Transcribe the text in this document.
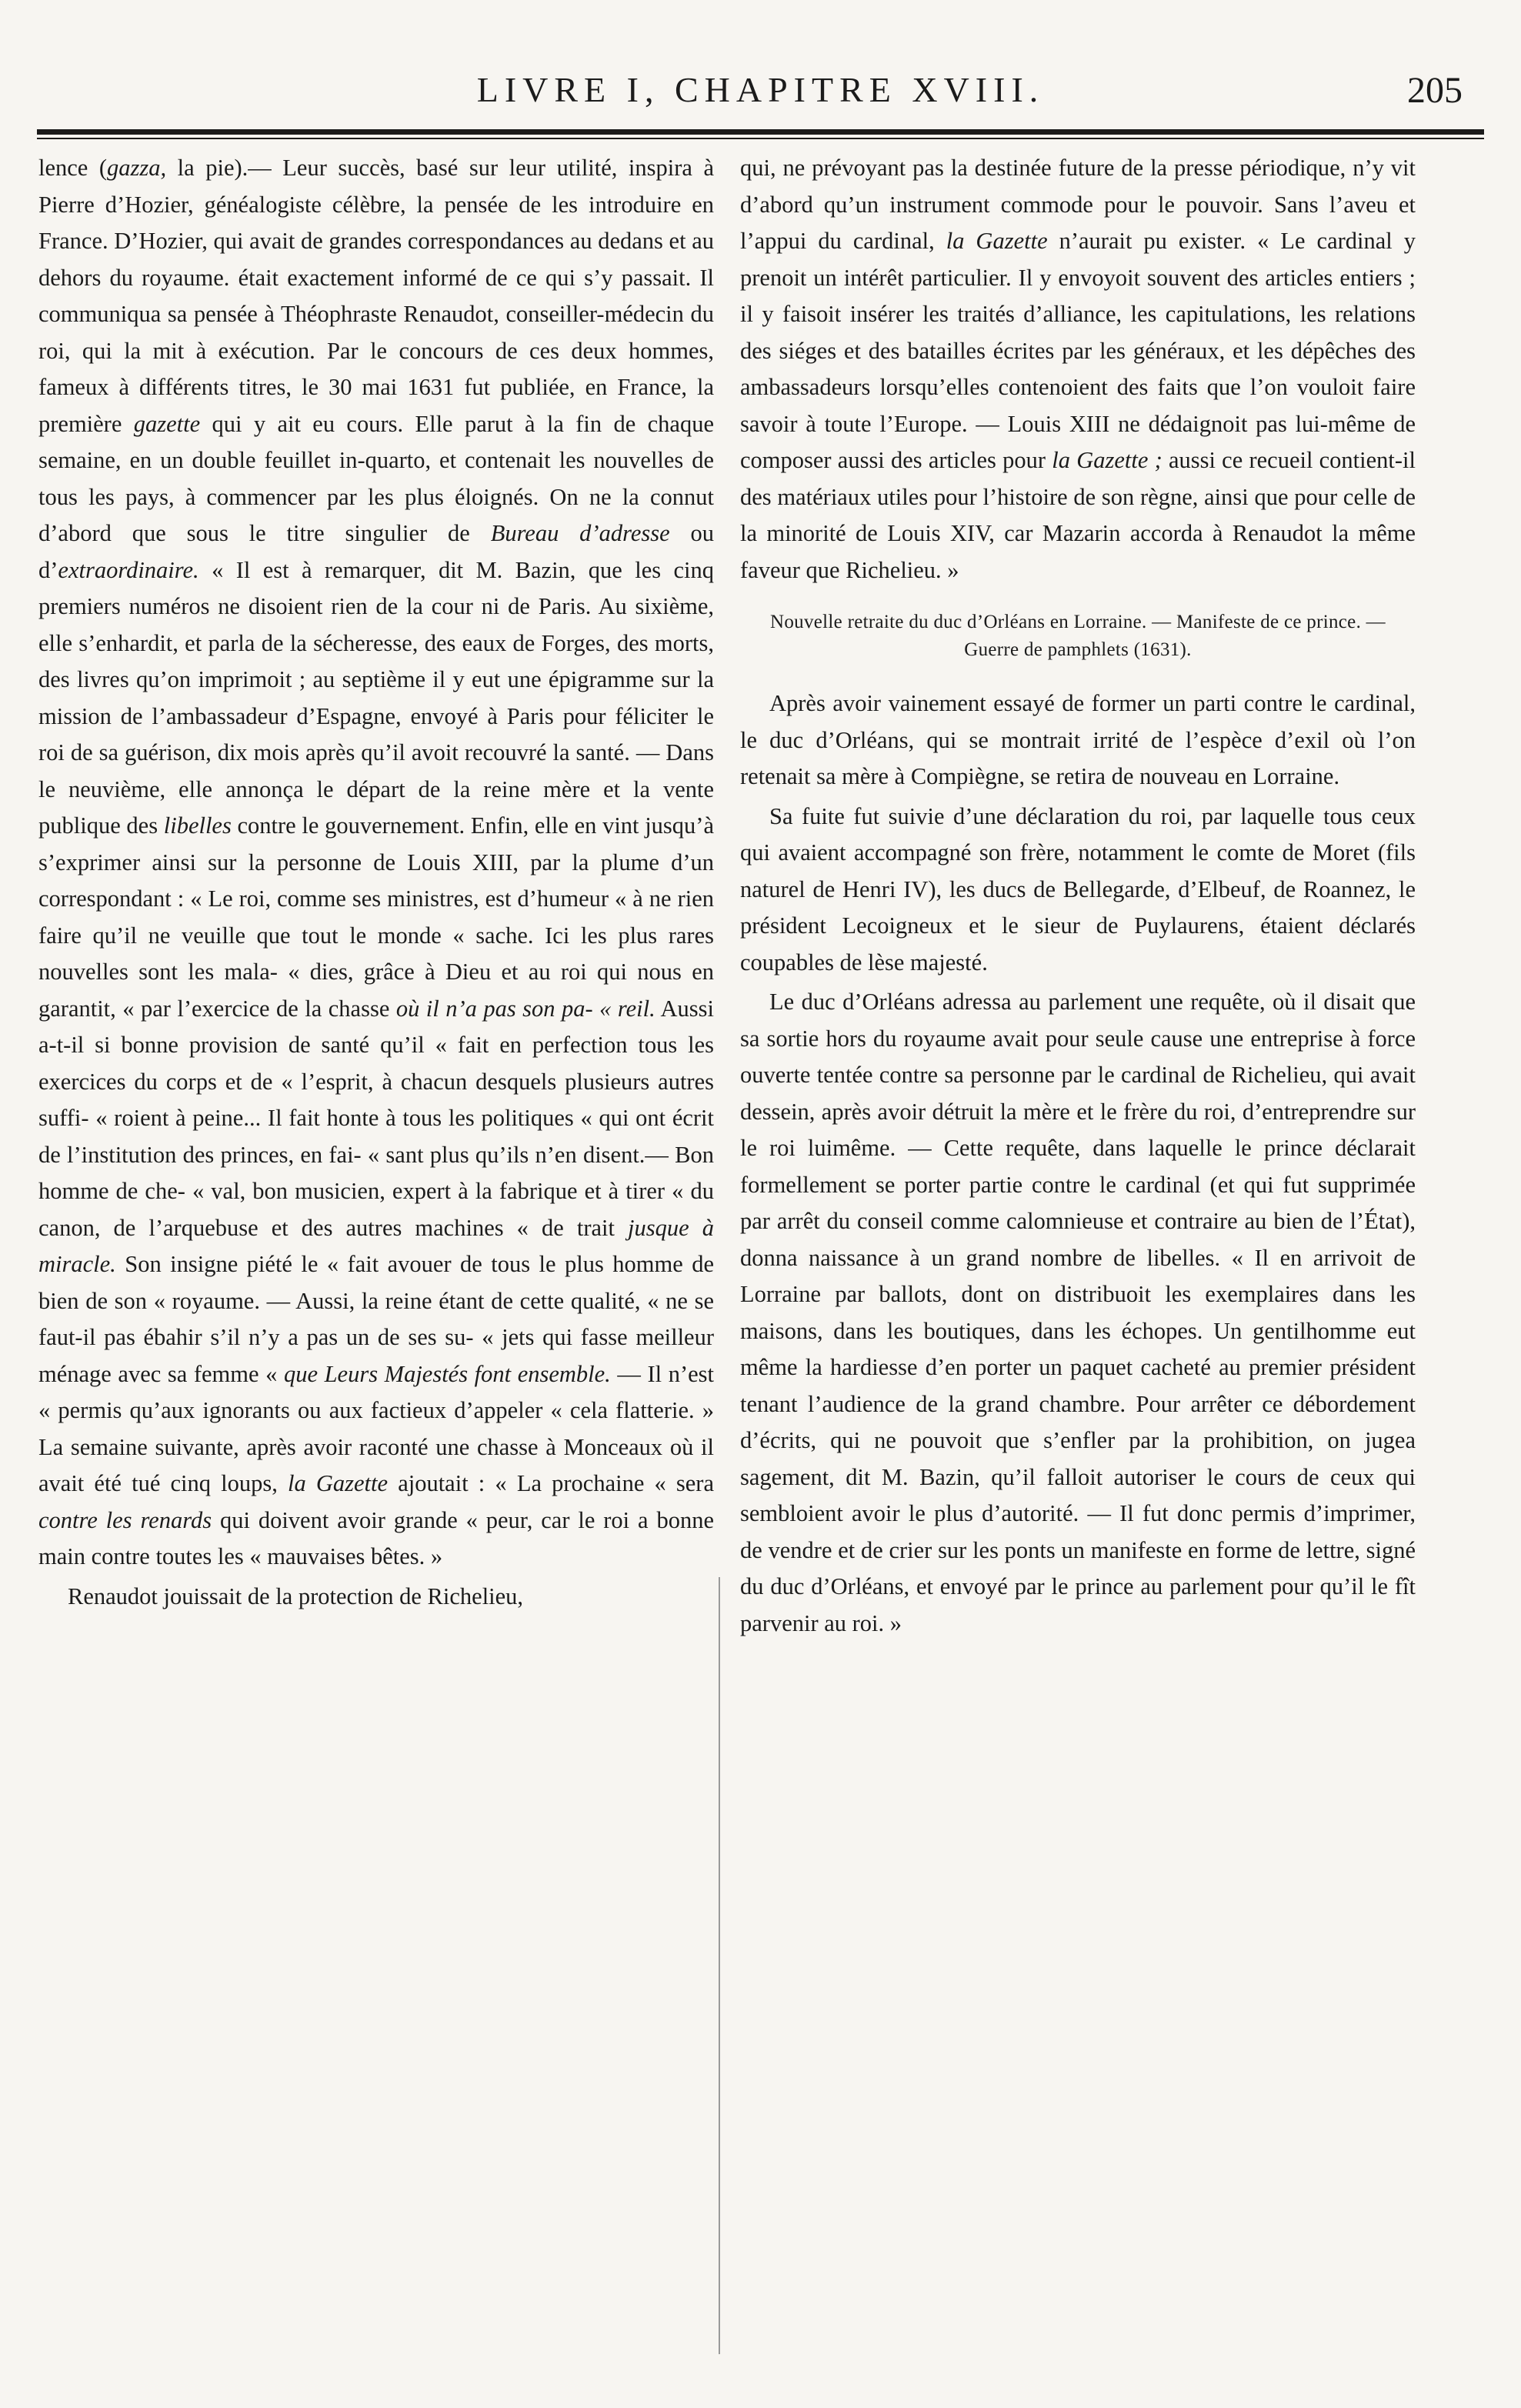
LIVRE I, CHAPITRE XVIII.	205

lence (gazza, la pie).— Leur succès, basé sur leur utilité, inspira à Pierre d’Hozier, généalogiste célèbre, la pensée de les introduire en France. D’Hozier, qui avait de grandes correspondances au dedans et au dehors du royaume. était exactement informé de ce qui s’y passait. Il communiqua sa pensée à Théophraste Renaudot, conseiller-médecin du roi, qui la mit à exécution. Par le concours de ces deux hommes, fameux à différents titres, le 30 mai 1631 fut publiée, en France, la première gazette qui y ait eu cours. Elle parut à la fin de chaque semaine, en un double feuillet in-quarto, et contenait les nouvelles de tous les pays, à commencer par les plus éloignés. On ne la connut d’abord que sous le titre singulier de Bureau d’adresse ou d’extraordinaire. « Il est à remarquer, dit M. Bazin, que les cinq premiers numéros ne disoient rien de la cour ni de Paris. Au sixième, elle s’enhardit, et parla de la sécheresse, des eaux de Forges, des morts, des livres qu’on imprimoit ; au septième il y eut une épigramme sur la mission de l’ambassadeur d’Espagne, envoyé à Paris pour féliciter le roi de sa guérison, dix mois après qu’il avoit recouvré la santé. — Dans le neuvième, elle annonça le départ de la reine mère et la vente publique des libelles contre le gouvernement. Enfin, elle en vint jusqu’à s’exprimer ainsi sur la personne de Louis XIII, par la plume d’un correspondant : « Le roi, comme ses ministres, est d’humeur « à ne rien faire qu’il ne veuille que tout le monde « sache. Ici les plus rares nouvelles sont les mala- « dies, grâce à Dieu et au roi qui nous en garantit, « par l’exercice de la chasse où il n’a pas son pa- « reil. Aussi a-t-il si bonne provision de santé qu’il « fait en perfection tous les exercices du corps et de « l’esprit, à chacun desquels plusieurs autres suffi- « roient à peine... Il fait honte à tous les politiques « qui ont écrit de l’institution des princes, en fai- « sant plus qu’ils n’en disent.— Bon homme de che- « val, bon musicien, expert à la fabrique et à tirer « du canon, de l’arquebuse et des autres machines « de trait jusque à miracle. Son insigne piété le « fait avouer de tous le plus homme de bien de son « royaume. — Aussi, la reine étant de cette qualité, « ne se faut-il pas ébahir s’il n’y a pas un de ses su- « jets qui fasse meilleur ménage avec sa femme « que Leurs Majestés font ensemble. — Il n’est « permis qu’aux ignorants ou aux factieux d’appeler « cela flatterie. » La semaine suivante, après avoir raconté une chasse à Monceaux où il avait été tué cinq loups, la Gazette ajoutait : « La prochaine « sera contre les renards qui doivent avoir grande « peur, car le roi a bonne main contre toutes les « mauvaises bêtes. »

Renaudot jouissait de la protection de Richelieu,

qui, ne prévoyant pas la destinée future de la presse périodique, n’y vit d’abord qu’un instrument commode pour le pouvoir. Sans l’aveu et l’appui du cardinal, la Gazette n’aurait pu exister. « Le cardinal y prenoit un intérêt particulier. Il y envoyoit souvent des articles entiers ; il y faisoit insérer les traités d’alliance, les capitulations, les relations des siéges et des batailles écrites par les généraux, et les dépêches des ambassadeurs lorsqu’elles contenoient des faits que l’on vouloit faire savoir à toute l’Europe. — Louis XIII ne dédaignoit pas lui-même de composer aussi des articles pour la Gazette ; aussi ce recueil contient-il des matériaux utiles pour l’histoire de son règne, ainsi que pour celle de la minorité de Louis XIV, car Mazarin accorda à Renaudot la même faveur que Richelieu. »

Nouvelle retraite du duc d’Orléans en Lorraine. — Manifeste de ce prince. — Guerre de pamphlets (1631).

Après avoir vainement essayé de former un parti contre le cardinal, le duc d’Orléans, qui se montrait irrité de l’espèce d’exil où l’on retenait sa mère à Compiègne, se retira de nouveau en Lorraine.

Sa fuite fut suivie d’une déclaration du roi, par laquelle tous ceux qui avaient accompagné son frère, notamment le comte de Moret (fils naturel de Henri IV), les ducs de Bellegarde, d’Elbeuf, de Roannez, le président Lecoigneux et le sieur de Puylaurens, étaient déclarés coupables de lèse majesté.

Le duc d’Orléans adressa au parlement une requête, où il disait que sa sortie hors du royaume avait pour seule cause une entreprise à force ouverte tentée contre sa personne par le cardinal de Richelieu, qui avait dessein, après avoir détruit la mère et le frère du roi, d’entreprendre sur le roi luimême. — Cette requête, dans laquelle le prince déclarait formellement se porter partie contre le cardinal (et qui fut supprimée par arrêt du conseil comme calomnieuse et contraire au bien de l’État), donna naissance à un grand nombre de libelles. « Il en arrivoit de Lorraine par ballots, dont on distribuoit les exemplaires dans les maisons, dans les boutiques, dans les échopes. Un gentilhomme eut même la hardiesse d’en porter un paquet cacheté au premier président tenant l’audience de la grand chambre. Pour arrêter ce débordement d’écrits, qui ne pouvoit que s’enfler par la prohibition, on jugea sagement, dit M. Bazin, qu’il falloit autoriser le cours de ceux qui sembloient avoir le plus d’autorité. — Il fut donc permis d’imprimer, de vendre et de crier sur les ponts un manifeste en forme de lettre, signé du duc d’Orléans, et envoyé par le prince au parlement pour qu’il le fît parvenir au roi. »
